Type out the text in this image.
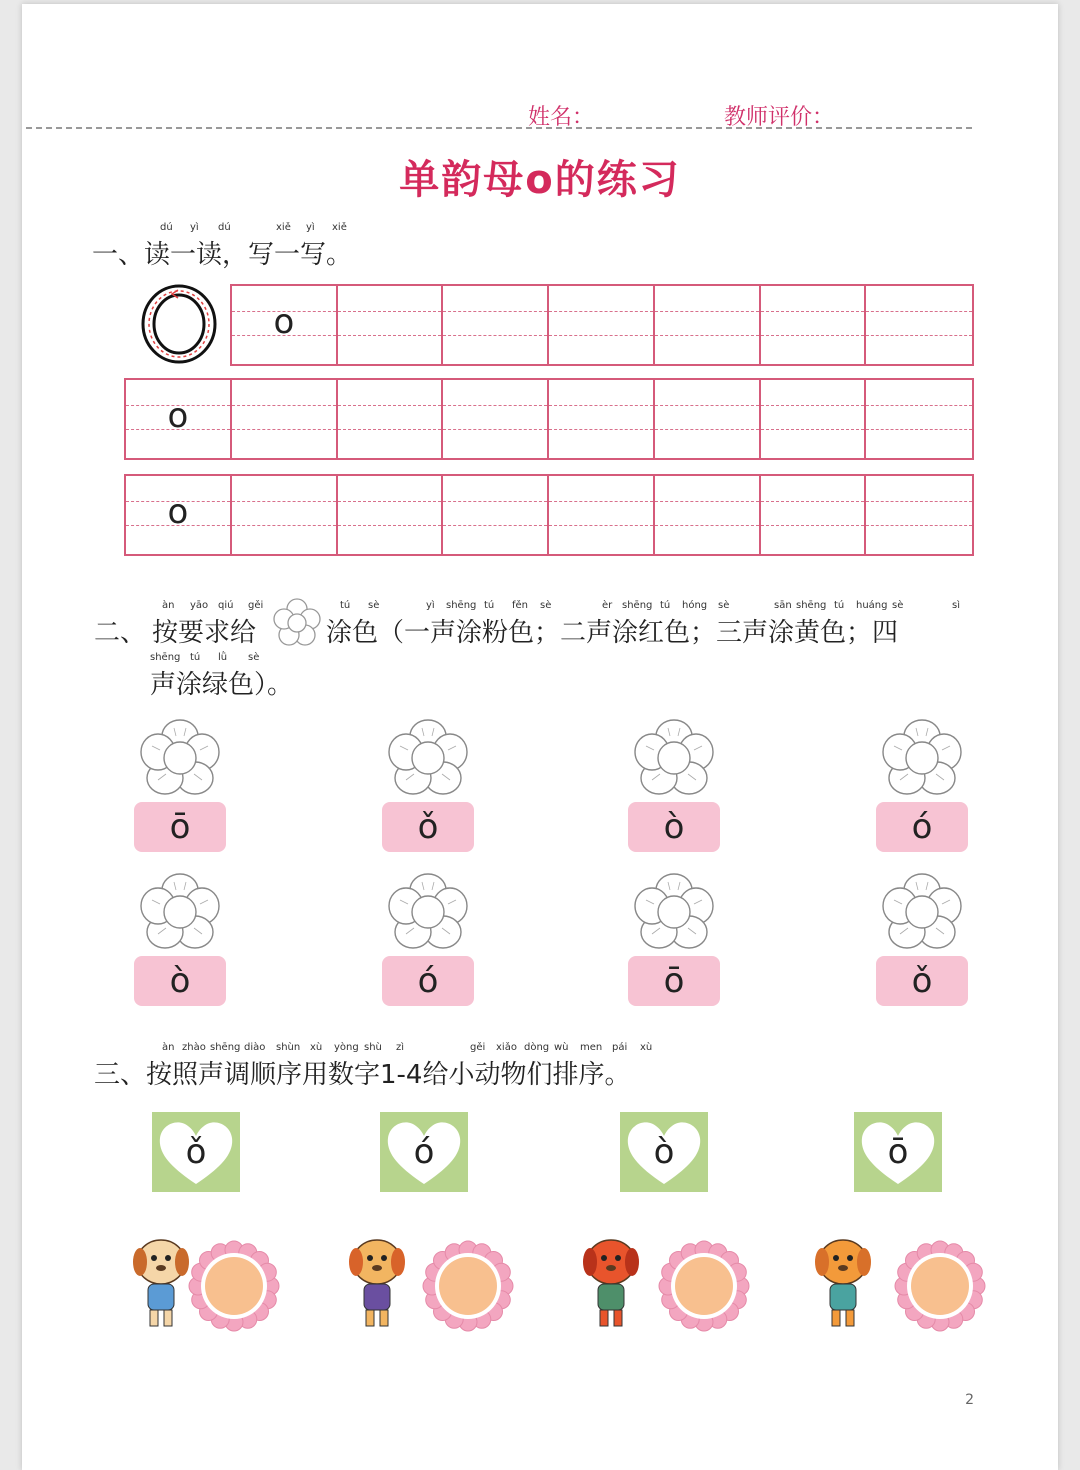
姓名：	教师评价：
单韵母o的练习
dú yì dú	xiě yì xiě
一、读一读，写一写。
o
o
o
àn yāo qiú gěi
二、 按要求给
tú sè	yì shēng tú fěn sè	èr shēng tú hóng sè	sān shēng tú huáng sè	sì
涂色（一声涂粉色；二声涂红色；三声涂黄色；四
shēng tú lǜ sè
声涂绿色）。
ō	ǒ	ò	ó
ò	ó	ō	ǒ
àn zhào shēng diào shùn xù yòng shù zì	gěi xiǎo dòng wù men pái xù
三、按照声调顺序用数字1-4给小动物们排序。
ǒ	ó	ò	ō
2
